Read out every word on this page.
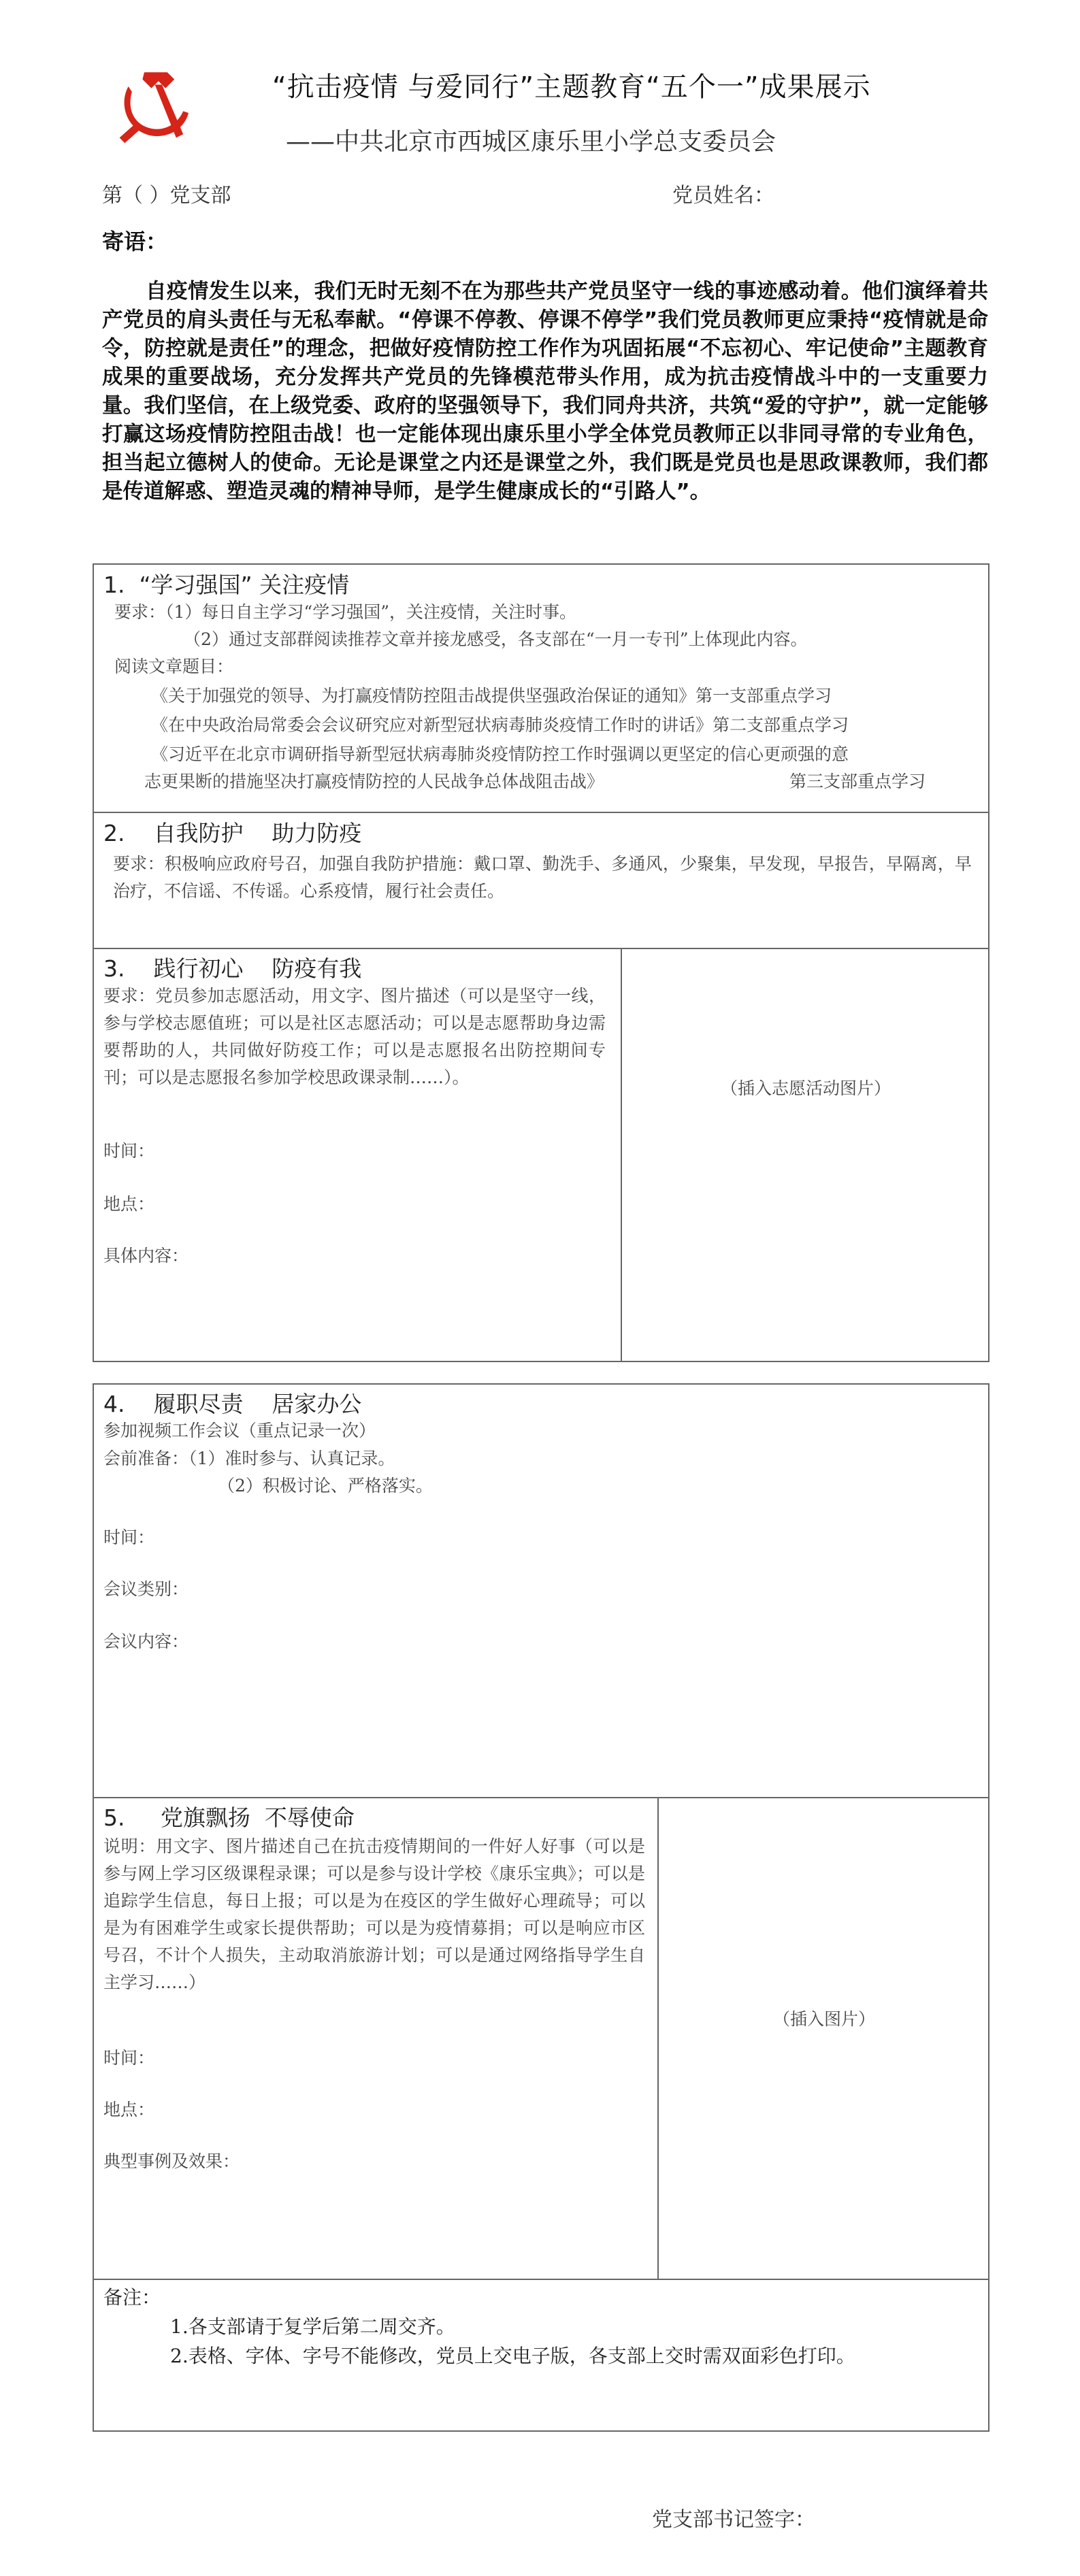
“抗击疫情 与爱同行”主题教育“五个一”成果展示
——中共北京市西城区康乐里小学总支委员会
第（ ）党支部	党员姓名：
寄语：
自疫情发生以来，我们无时无刻不在为那些共产党员坚守一线的事迹感动着。他们演绎着共产党员的肩头责任与无私奉献。“停课不停教、停课不停学”我们党员教师更应秉持“疫情就是命令，防控就是责任”的理念，把做好疫情防控工作作为巩固拓展“不忘初心、牢记使命”主题教育成果的重要战场，充分发挥共产党员的先锋模范带头作用，成为抗击疫情战斗中的一支重要力量。我们坚信，在上级党委、政府的坚强领导下，我们同舟共济，共筑“爱的守护”，就一定能够打赢这场疫情防控阻击战！也一定能体现出康乐里小学全体党员教师正以非同寻常的专业角色，担当起立德树人的使命。无论是课堂之内还是课堂之外，我们既是党员也是思政课教师，我们都是传道解惑、塑造灵魂的精神导师，是学生健康成长的“引路人”。
1.  “学习强国” 关注疫情
要求：（1）每日自主学习“学习强国”，关注疫情，关注时事。
（2）通过支部群阅读推荐文章并接龙感受，各支部在“一月一专刊”上体现此内容。
阅读文章题目：
《关于加强党的领导、为打赢疫情防控阻击战提供坚强政治保证的通知》第一支部重点学习
《在中央政治局常委会会议研究应对新型冠状病毒肺炎疫情工作时的讲话》第二支部重点学习
《习近平在北京市调研指导新型冠状病毒肺炎疫情防控工作时强调以更坚定的信心更顽强的意
志更果断的措施坚决打赢疫情防控的人民战争总体战阻击战》	第三支部重点学习
2.    自我防护    助力防疫
要求：积极响应政府号召，加强自我防护措施：戴口罩、勤洗手、多通风，少聚集，早发现，早报告，早隔离，早治疗，不信谣、不传谣。心系疫情，履行社会责任。
3.    践行初心    防疫有我
要求：党员参加志愿活动，用文字、图片描述（可以是坚守一线，参与学校志愿值班；可以是社区志愿活动；可以是志愿帮助身边需要帮助的人，共同做好防疫工作；可以是志愿报名出防控期间专刊；可以是志愿报名参加学校思政课录制……）。
时间：
地点：
具体内容：
（插入志愿活动图片）
4.    履职尽责    居家办公
参加视频工作会议（重点记录一次）
会前准备：（1）准时参与、认真记录。
（2）积极讨论、严格落实。
时间：
会议类别：
会议内容：
5.     党旗飘扬  不辱使命
说明：用文字、图片描述自己在抗击疫情期间的一件好人好事（可以是参与网上学习区级课程录课；可以是参与设计学校《康乐宝典》；可以是追踪学生信息，每日上报；可以是为在疫区的学生做好心理疏导；可以是为有困难学生或家长提供帮助；可以是为疫情募捐；可以是响应市区号召，不计个人损失，主动取消旅游计划；可以是通过网络指导学生自主学习……）
时间：
地点：
典型事例及效果：
（插入图片）
备注：
1.各支部请于复学后第二周交齐。
2.表格、字体、字号不能修改，党员上交电子版，各支部上交时需双面彩色打印。
党支部书记签字：
